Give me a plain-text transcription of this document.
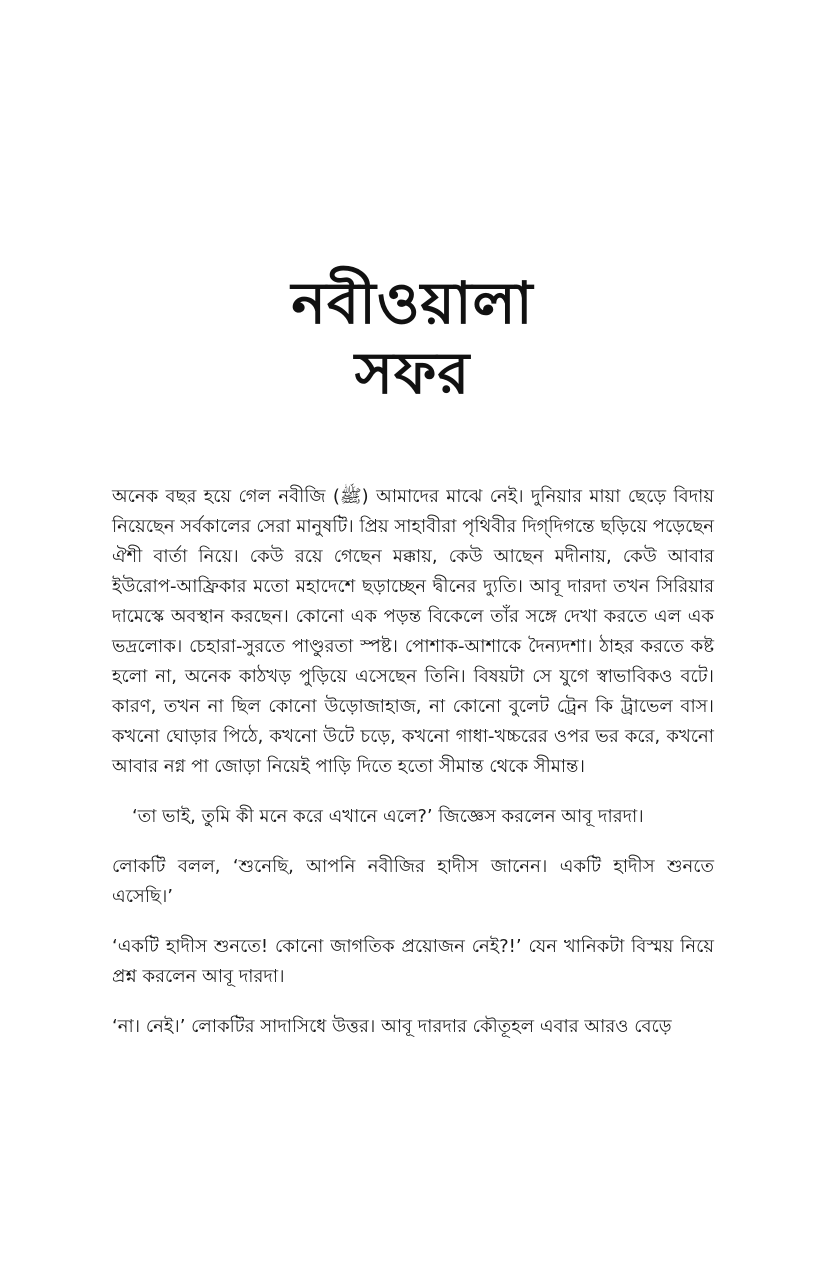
নবীওয়ালা
সফর

অনেক বছর হয়ে গেল নবীজি (ﷺ) আমাদের মাঝে নেই। দুনিয়ার মায়া ছেড়ে বিদায় নিয়েছেন সর্বকালের সেরা মানুষটি। প্রিয় সাহাবীরা পৃথিবীর দিগ্‌দিগন্তে ছড়িয়ে পড়েছেন ঐশী বার্তা নিয়ে। কেউ রয়ে গেছেন মক্কায়, কেউ আছেন মদীনায়, কেউ আবার ইউরোপ-আফ্রিকার মতো মহাদেশে ছড়াচ্ছেন দ্বীনের দ্যুতি। আবূ দারদা তখন সিরিয়ার দামেস্কে অবস্থান করছেন। কোনো এক পড়ন্ত বিকেলে তাঁর সঙ্গে দেখা করতে এল এক ভদ্রলোক। চেহারা-সুরতে পাণ্ডুরতা স্পষ্ট। পোশাক-আশাকে দৈন্যদশা। ঠাহর করতে কষ্ট হলো না, অনেক কাঠখড় পুড়িয়ে এসেছেন তিনি। বিষয়টা সে যুগে স্বাভাবিকও বটে। কারণ, তখন না ছিল কোনো উড়োজাহাজ, না কোনো বুলেট ট্রেন কি ট্রাভেল বাস। কখনো ঘোড়ার পিঠে, কখনো উটে চড়ে, কখনো গাধা-খচ্চরের ওপর ভর করে, কখনো আবার নগ্ন পা জোড়া নিয়েই পাড়ি দিতে হতো সীমান্ত থেকে সীমান্ত।

‘তা ভাই, তুমি কী মনে করে এখানে এলে?’ জিজ্ঞেস করলেন আবূ দারদা।

লোকটি বলল, ‘শুনেছি, আপনি নবীজির হাদীস জানেন। একটি হাদীস শুনতে এসেছি।’

‘একটি হাদীস শুনতে! কোনো জাগতিক প্রয়োজন নেই?!’ যেন খানিকটা বিস্ময় নিয়ে প্রশ্ন করলেন আবূ দারদা।

‘না। নেই।’ লোকটির সাদাসিধে উত্তর। আবূ দারদার কৌতূহল এবার আরও বেড়ে
